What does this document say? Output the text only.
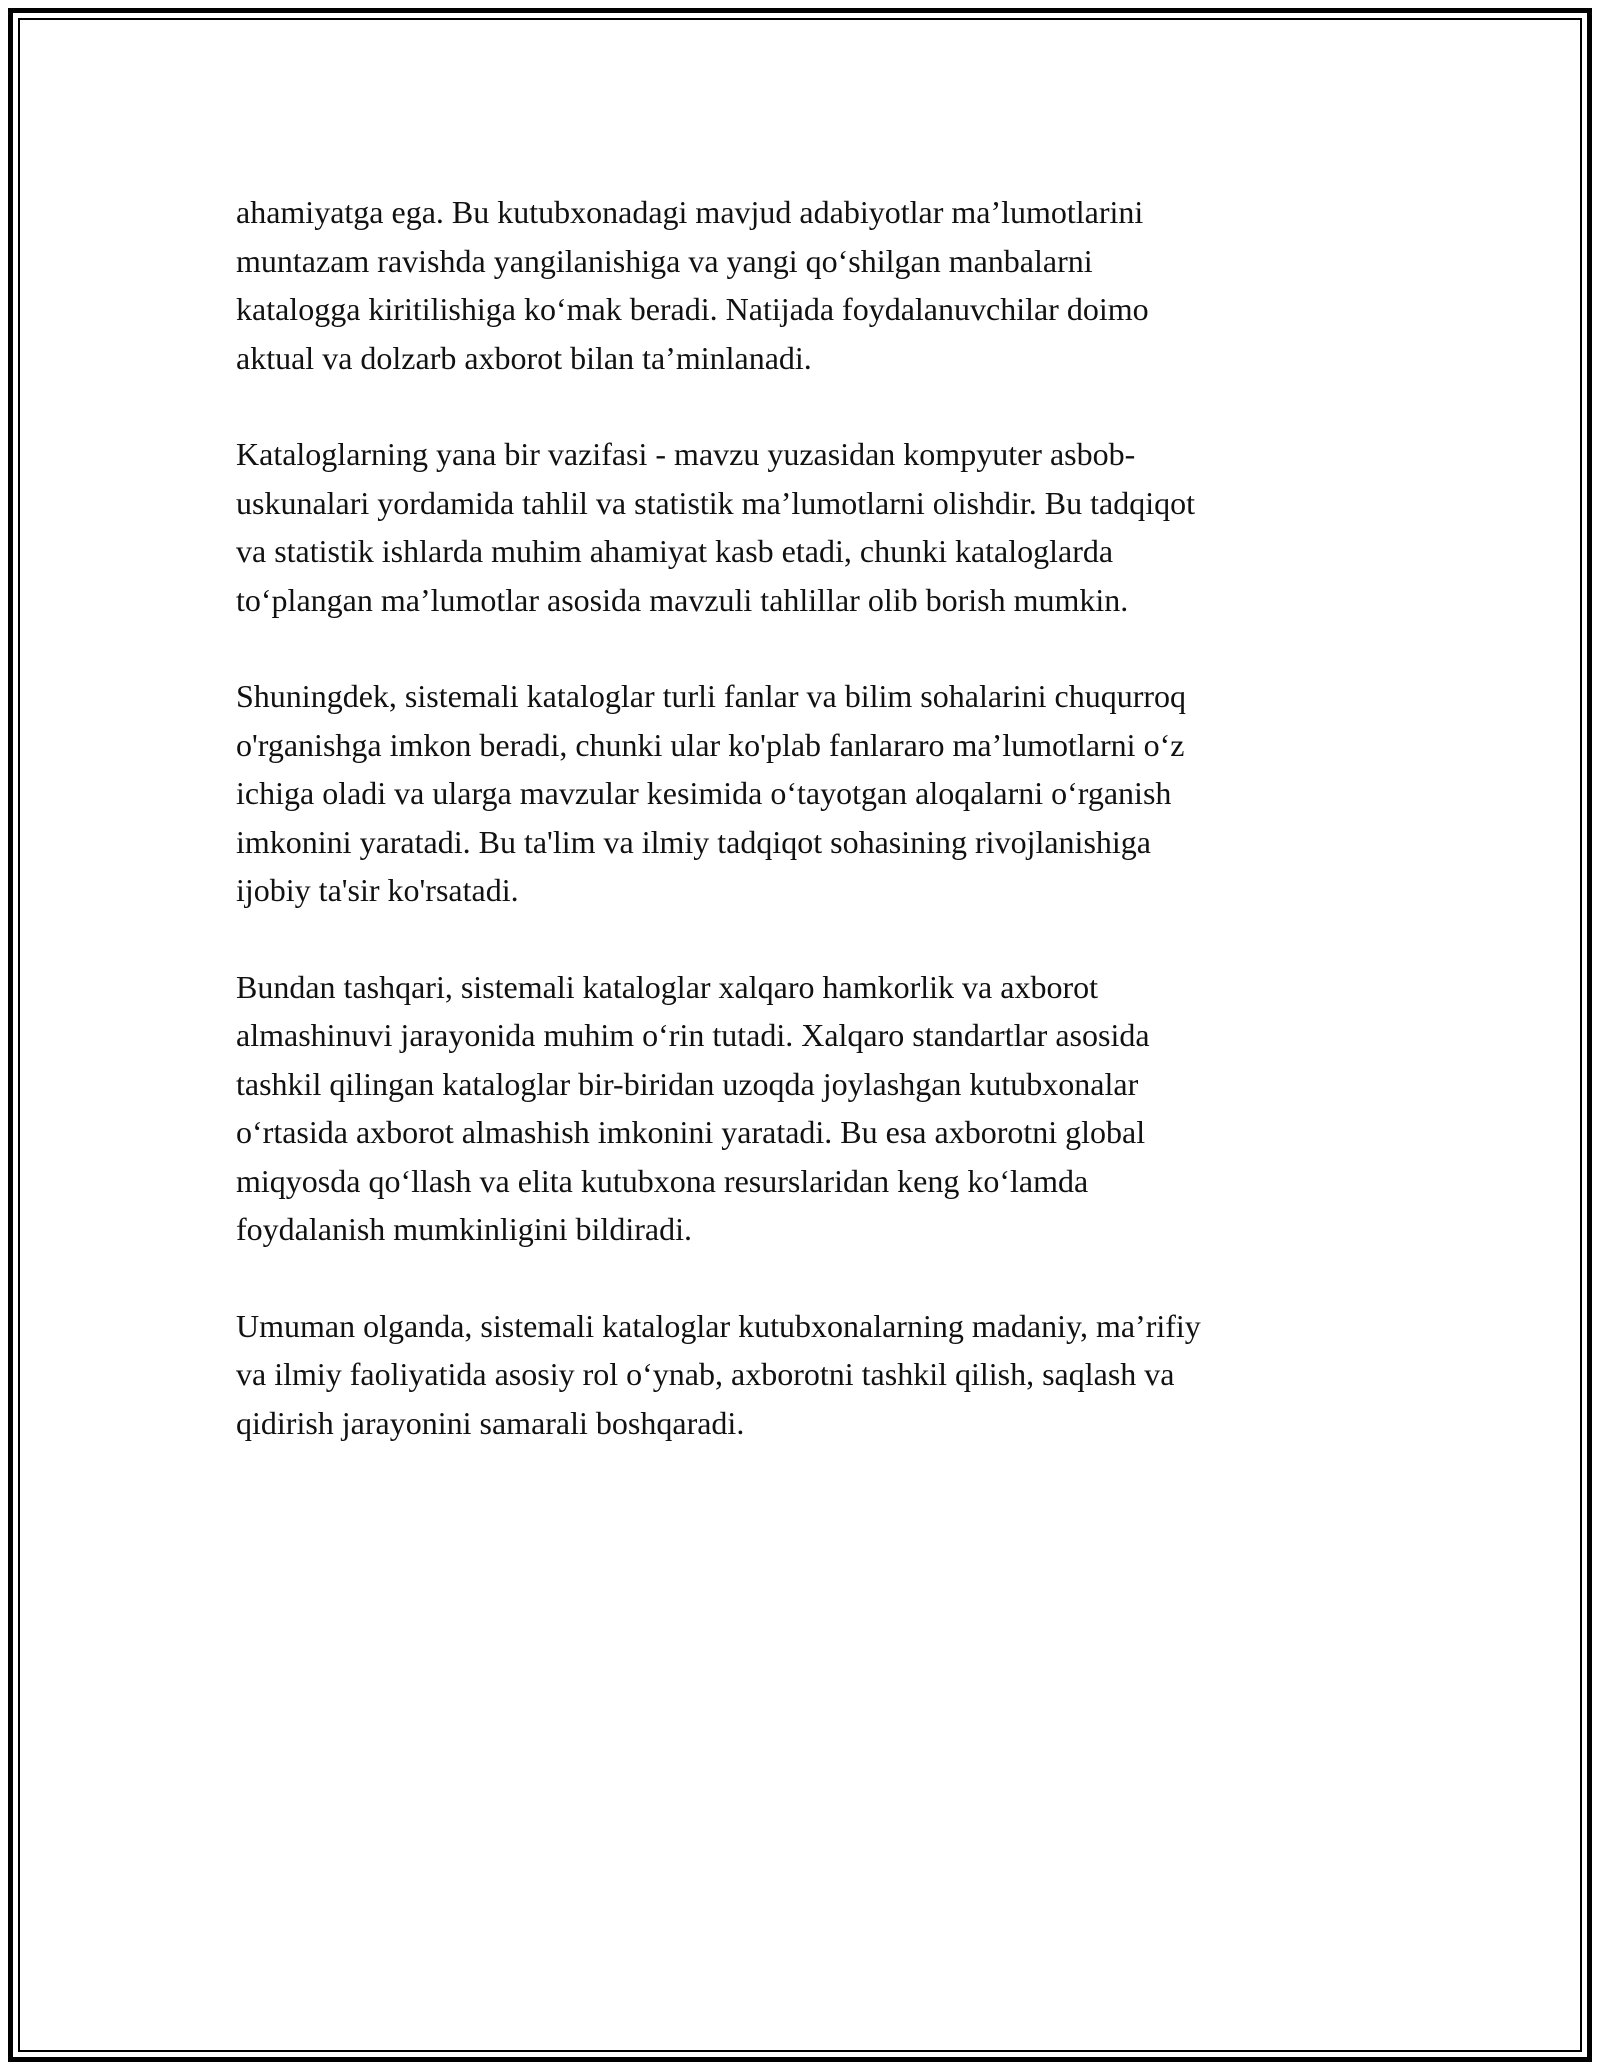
ahamiyatga ega. Bu kutubxonadagi mavjud adabiyotlar ma’lumotlarini
muntazam ravishda yangilanishiga va yangi qo‘shilgan manbalarni
katalogga kiritilishiga ko‘mak beradi. Natijada foydalanuvchilar doimo
aktual va dolzarb axborot bilan ta’minlanadi.

Kataloglarning yana bir vazifasi - mavzu yuzasidan kompyuter asbob-
uskunalari yordamida tahlil va statistik ma’lumotlarni olishdir. Bu tadqiqot
va statistik ishlarda muhim ahamiyat kasb etadi, chunki kataloglarda
to‘plangan ma’lumotlar asosida mavzuli tahlillar olib borish mumkin.

Shuningdek, sistemali kataloglar turli fanlar va bilim sohalarini chuqurroq
o'rganishga imkon beradi, chunki ular ko'plab fanlararo ma’lumotlarni o‘z
ichiga oladi va ularga mavzular kesimida o‘tayotgan aloqalarni o‘rganish
imkonini yaratadi. Bu ta'lim va ilmiy tadqiqot sohasining rivojlanishiga
ijobiy ta'sir ko'rsatadi.

Bundan tashqari, sistemali kataloglar xalqaro hamkorlik va axborot
almashinuvi jarayonida muhim o‘rin tutadi. Xalqaro standartlar asosida
tashkil qilingan kataloglar bir-biridan uzoqda joylashgan kutubxonalar
o‘rtasida axborot almashish imkonini yaratadi. Bu esa axborotni global
miqyosda qo‘llash va elita kutubxona resurslaridan keng ko‘lamda
foydalanish mumkinligini bildiradi.

Umuman olganda, sistemali kataloglar kutubxonalarning madaniy, ma’rifiy
va ilmiy faoliyatida asosiy rol o‘ynab, axborotni tashkil qilish, saqlash va
qidirish jarayonini samarali boshqaradi.
